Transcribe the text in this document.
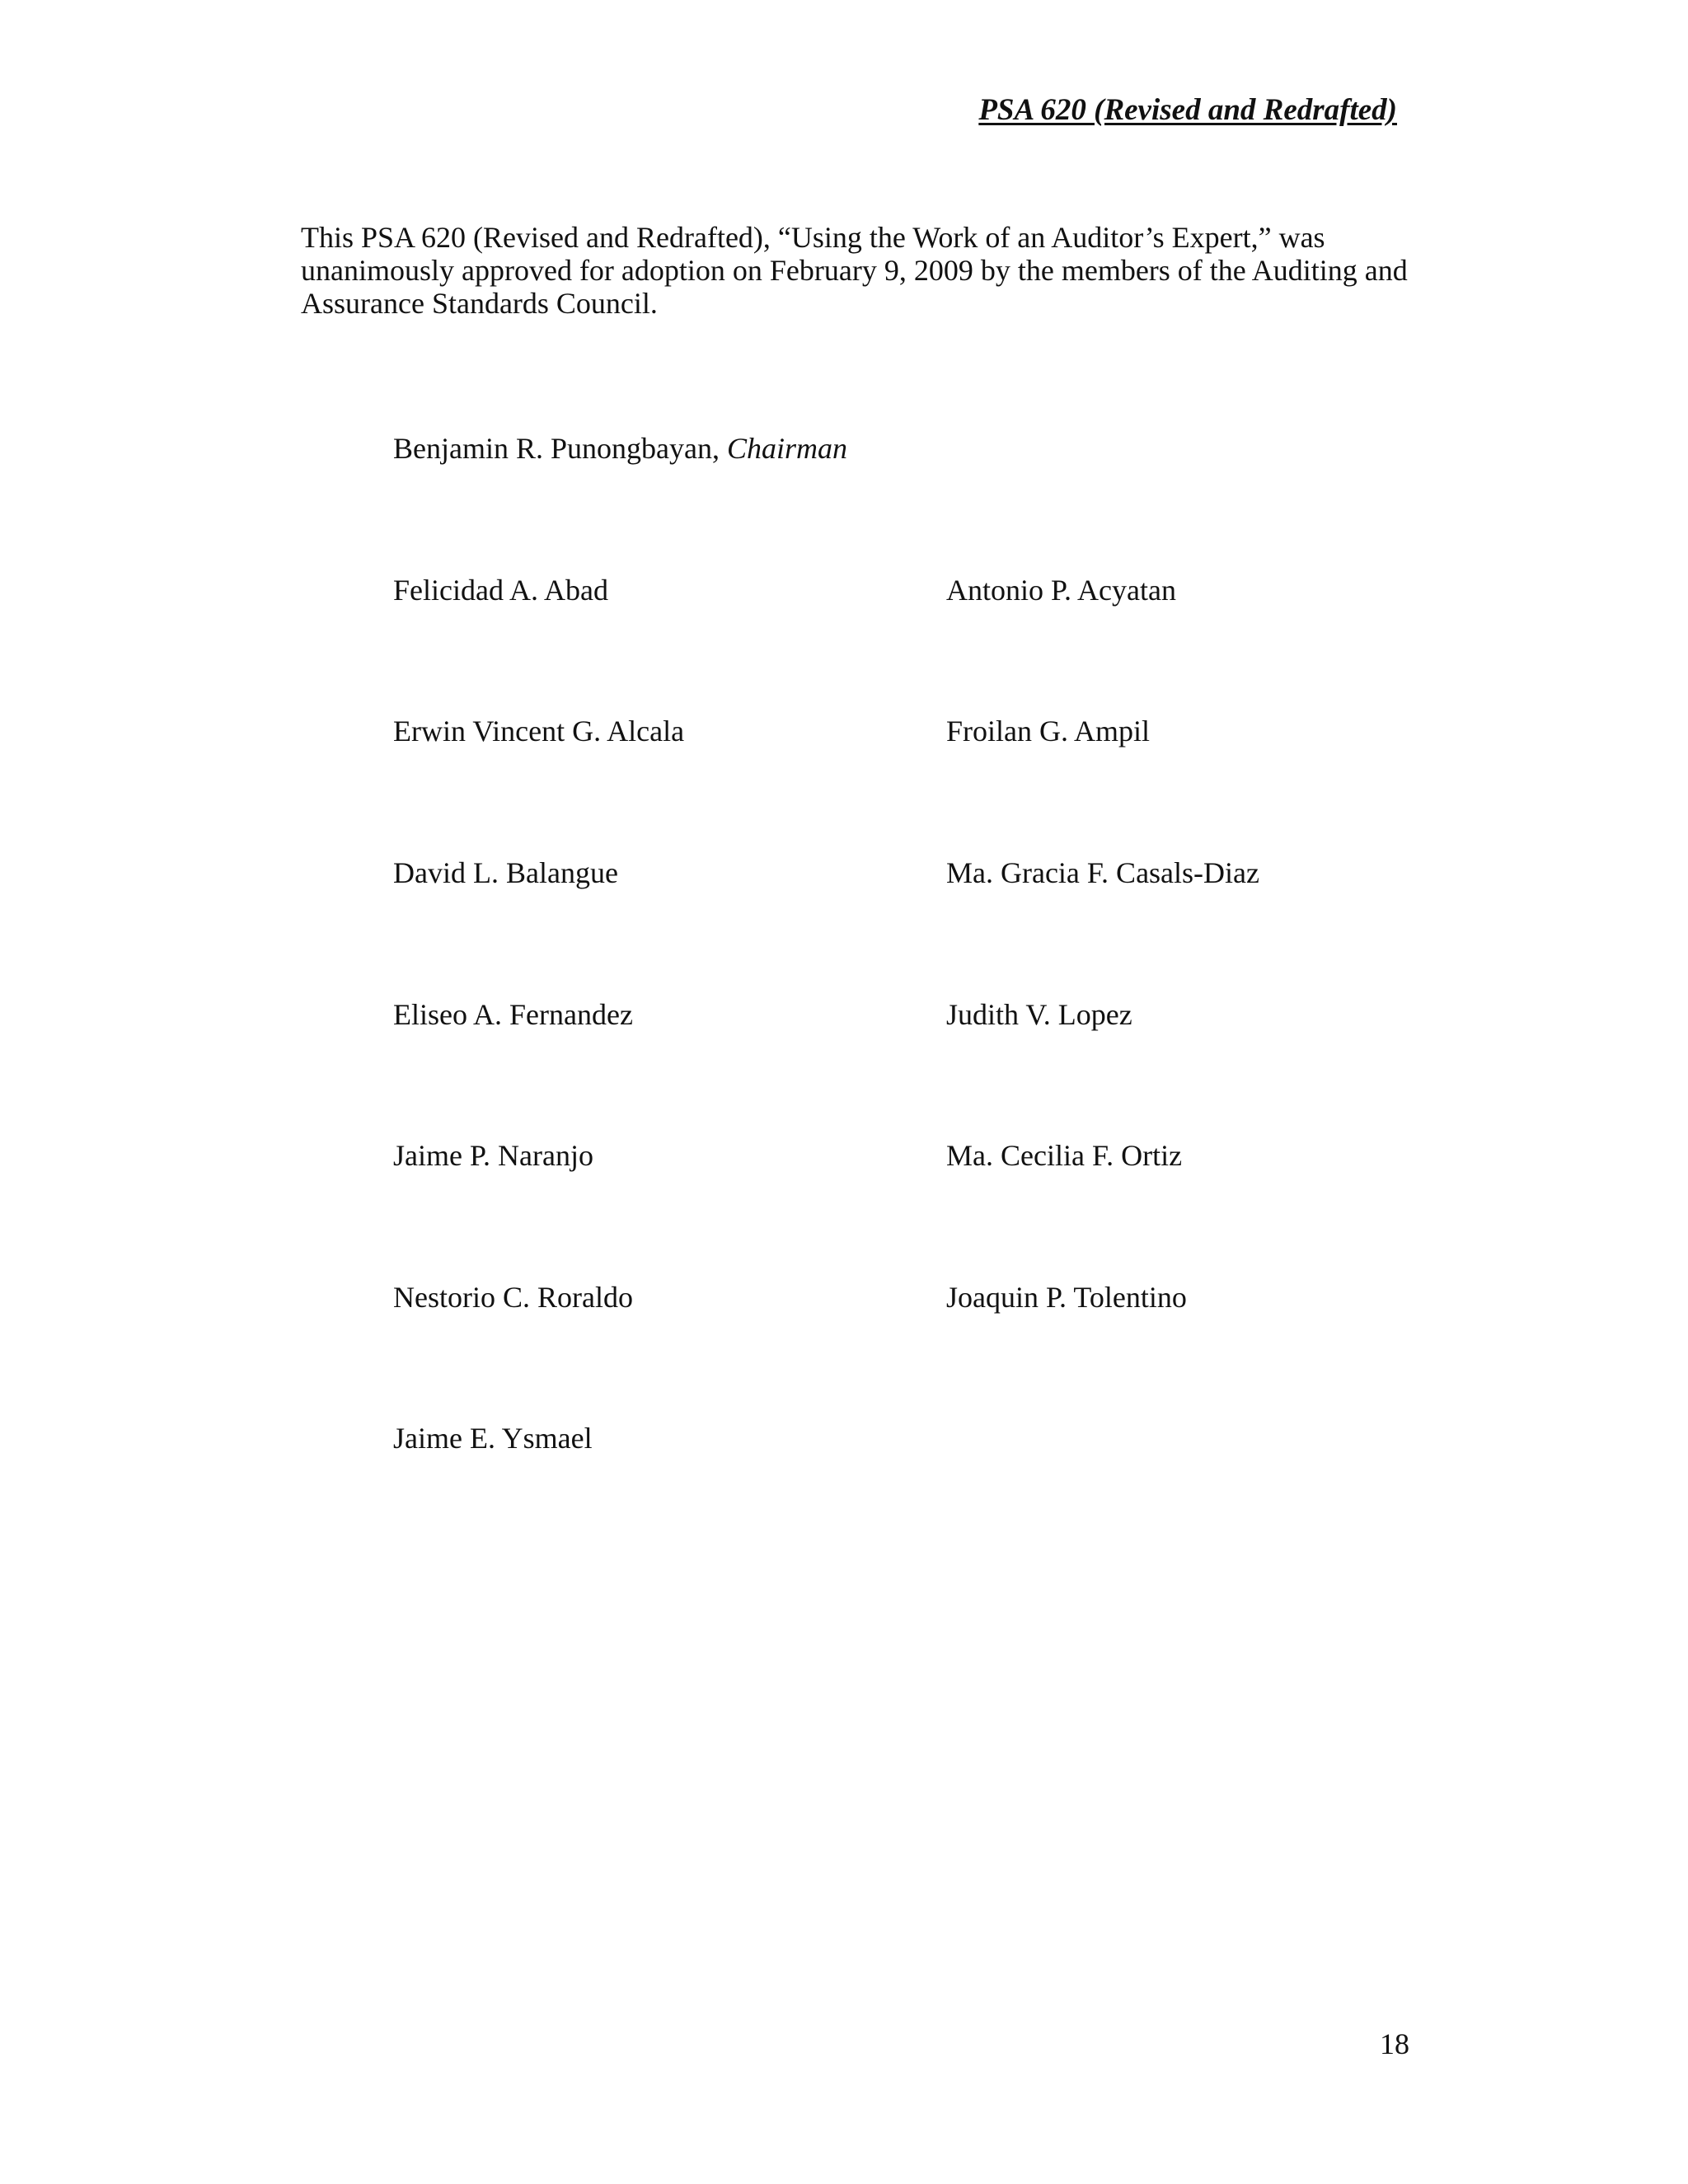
PSA 620 (Revised and Redrafted)

This PSA 620 (Revised and Redrafted), “Using the Work of an Auditor’s Expert,” was unanimously approved for adoption on February 9, 2009 by the members of the Auditing and Assurance Standards Council.

Benjamin R. Punongbayan, Chairman
Felicidad A. Abad	Antonio P. Acyatan
Erwin Vincent G. Alcala	Froilan G. Ampil
David L. Balangue	Ma. Gracia F. Casals-Diaz
Eliseo A. Fernandez	Judith V. Lopez
Jaime P. Naranjo	Ma. Cecilia F. Ortiz
Nestorio C. Roraldo	Joaquin P. Tolentino
Jaime E. Ysmael
18
